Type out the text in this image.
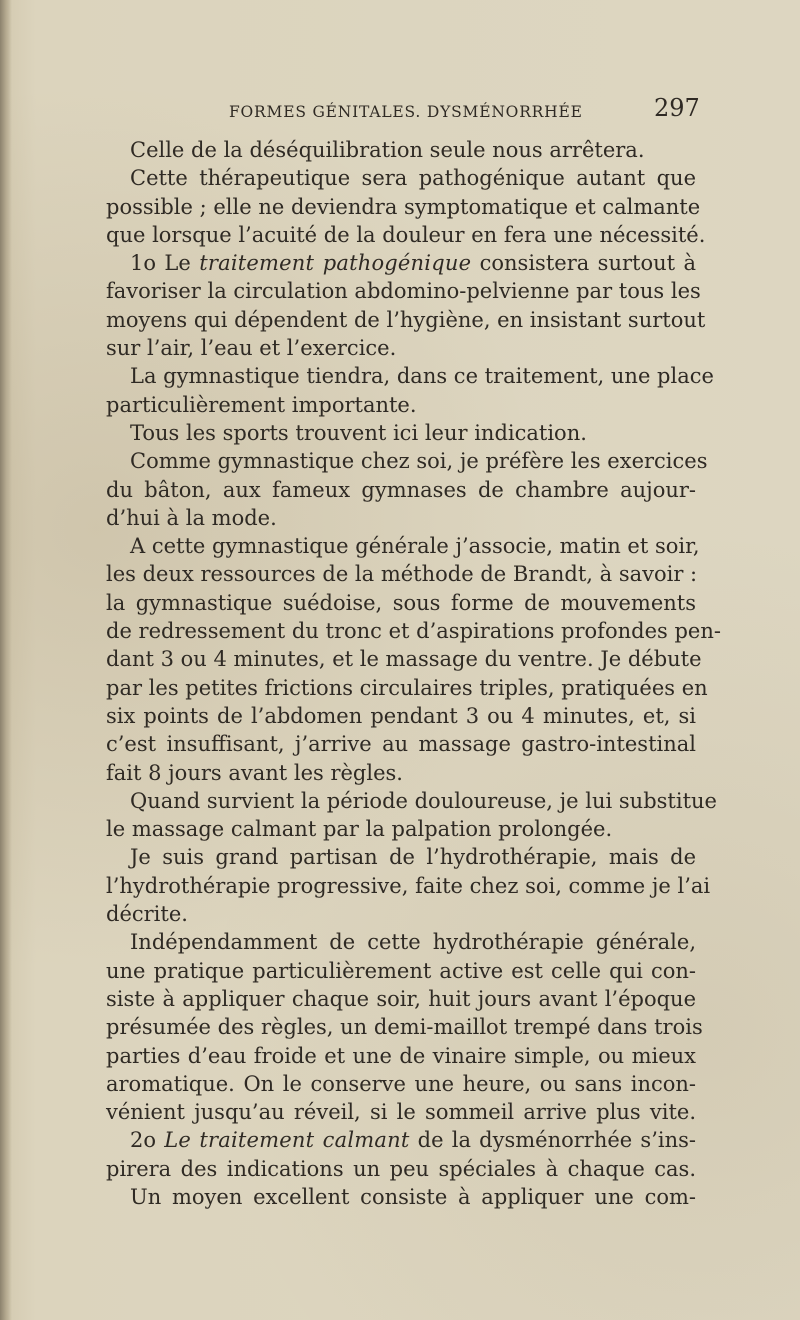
FORMES GÉNITALES. DYSMÉNORRHÉE	297
Celle de la déséquilibration seule nous arrêtera.
Cette thérapeutique sera pathogénique autant que
possible ; elle ne deviendra symptomatique et calmante
que lorsque l’acuité de la douleur en fera une nécessité.
1o Le traitement pathogénique consistera surtout à
favoriser la circulation abdomino-pelvienne par tous les
moyens qui dépendent de l’hygiène, en insistant surtout
sur l’air, l’eau et l’exercice.
La gymnastique tiendra, dans ce traitement, une place
particulièrement importante.
Tous les sports trouvent ici leur indication.
Comme gymnastique chez soi, je préfère les exercices
du bâton, aux fameux gymnases de chambre aujour-
d’hui à la mode.
A cette gymnastique générale j’associe, matin et soir,
les deux ressources de la méthode de Brandt, à savoir :
la gymnastique suédoise, sous forme de mouvements
de redressement du tronc et d’aspirations profondes pen-
dant 3 ou 4 minutes, et le massage du ventre. Je débute
par les petites frictions circulaires triples, pratiquées en
six points de l’abdomen pendant 3 ou 4 minutes, et, si
c’est insuffisant, j’arrive au massage gastro-intestinal
fait 8 jours avant les règles.
Quand survient la période douloureuse, je lui substitue
le massage calmant par la palpation prolongée.
Je suis grand partisan de l’hydrothérapie, mais de
l’hydrothérapie progressive, faite chez soi, comme je l’ai
décrite.
Indépendamment de cette hydrothérapie générale,
une pratique particulièrement active est celle qui con-
siste à appliquer chaque soir, huit jours avant l’époque
présumée des règles, un demi-maillot trempé dans trois
parties d’eau froide et une de vinaire simple, ou mieux
aromatique. On le conserve une heure, ou sans incon-
vénient jusqu’au réveil, si le sommeil arrive plus vite.
2o Le traitement calmant de la dysménorrhée s’ins-
pirera des indications un peu spéciales à chaque cas.
Un moyen excellent consiste à appliquer une com-
